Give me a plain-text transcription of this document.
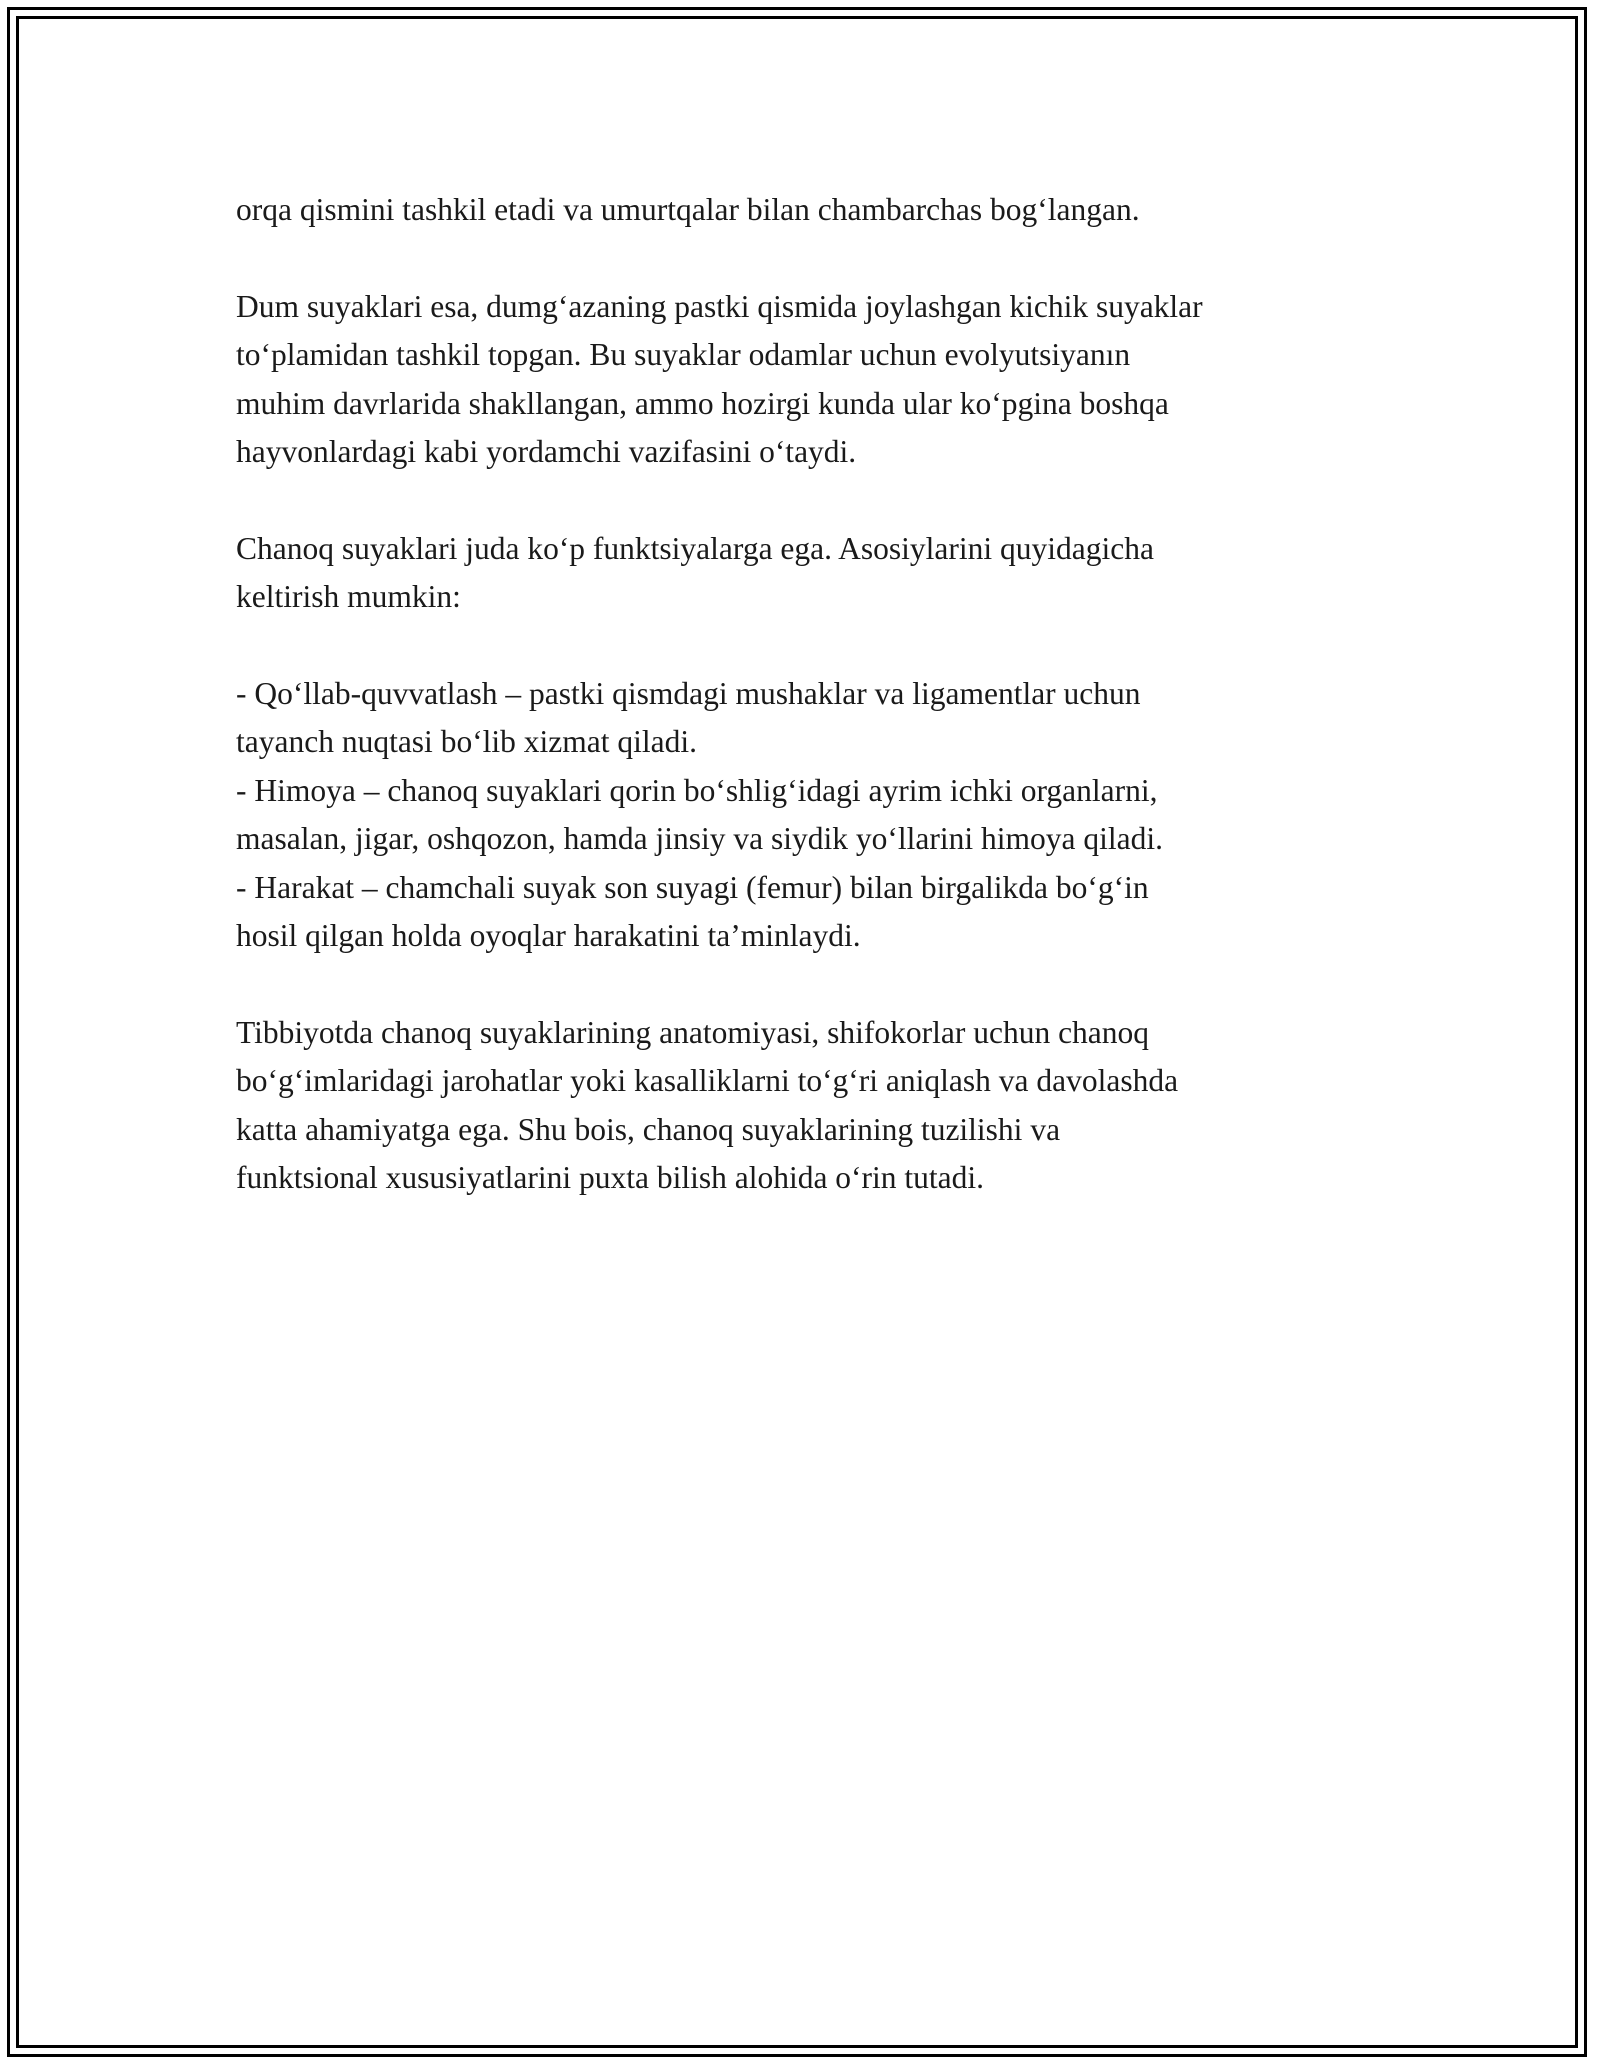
orqa qismini tashkil etadi va umurtqalar bilan chambarchas bog‘langan.

Dum suyaklari esa, dumg‘azaning pastki qismida joylashgan kichik suyaklar

to‘plamidan tashkil topgan. Bu suyaklar odamlar uchun evolyutsiyanın

muhim davrlarida shakllangan, ammo hozirgi kunda ular ko‘pgina boshqa

hayvonlardagi kabi yordamchi vazifasini o‘taydi.

Chanoq suyaklari juda ko‘p funktsiyalarga ega. Asosiylarini quyidagicha

keltirish mumkin:

- Qo‘llab-quvvatlash – pastki qismdagi mushaklar va ligamentlar uchun

tayanch nuqtasi bo‘lib xizmat qiladi.

- Himoya – chanoq suyaklari qorin bo‘shlig‘idagi ayrim ichki organlarni,

masalan, jigar, oshqozon, hamda jinsiy va siydik yo‘llarini himoya qiladi.

- Harakat – chamchali suyak son suyagi (femur) bilan birgalikda bo‘g‘in

hosil qilgan holda oyoqlar harakatini ta’minlaydi.

Tibbiyotda chanoq suyaklarining anatomiyasi, shifokorlar uchun chanoq

bo‘g‘imlaridagi jarohatlar yoki kasalliklarni to‘g‘ri aniqlash va davolashda

katta ahamiyatga ega. Shu bois, chanoq suyaklarining tuzilishi va

funktsional xususiyatlarini puxta bilish alohida o‘rin tutadi.
